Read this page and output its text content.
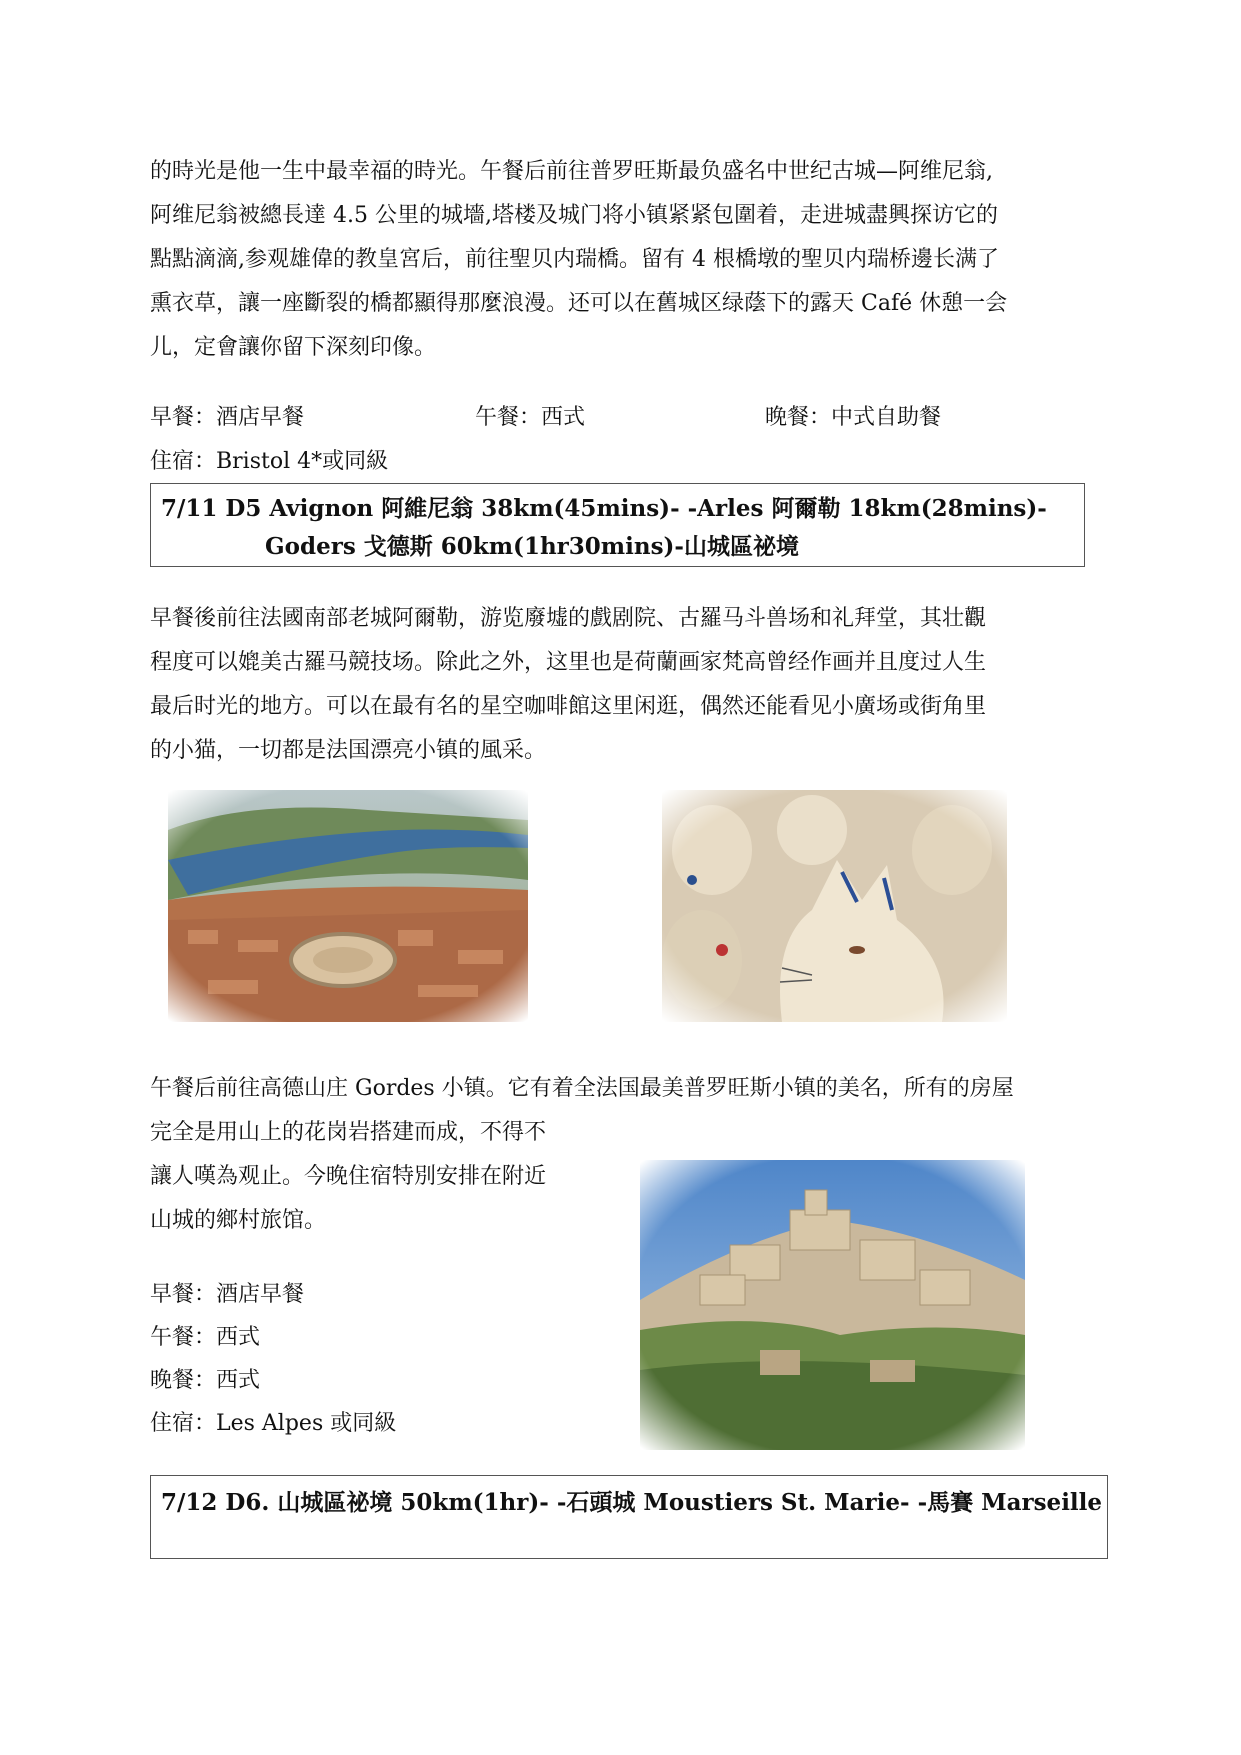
的時光是他一生中最幸福的時光。午餐后前往普罗旺斯最负盛名中世纪古城—阿维尼翁,
阿维尼翁被總長達 4.5 公里的城墻,塔楼及城门将小镇紧紧包圍着，走进城盡興探访它的
點點滴滴,参观雄偉的教皇宮后，前往聖贝内瑞橋。留有 4 根橋墩的聖贝内瑞桥邊长满了
熏衣草，讓一座斷裂的橋都顯得那麼浪漫。还可以在舊城区绿蔭下的露天 Café 休憩一会
儿，定會讓你留下深刻印像。
早餐：酒店早餐	午餐：西式	晚餐：中式自助餐
住宿：Bristol 4*或同級
7/11 D5 Avignon 阿維尼翁 38km(45mins)- -Arles 阿爾勒 18km(28mins)-
Goders 戈德斯 60km(1hr30mins)-山城區祕境
早餐後前往法國南部老城阿爾勒，游览廢墟的戲剧院、古羅马斗兽场和礼拜堂，其壮觀
程度可以媲美古羅马競技场。除此之外，这里也是荷蘭画家梵高曾经作画并且度过人生
最后时光的地方。可以在最有名的星空咖啡館这里闲逛，偶然还能看见小廣场或街角里
的小猫，一切都是法国漂亮小镇的風采。
午餐后前往高德山庄 Gordes 小镇。它有着全法国最美普罗旺斯小镇的美名，所有的房屋
完全是用山上的花岗岩搭建而成，不得不
讓人嘆為观止。今晚住宿特別安排在附近
山城的鄉村旅馆。
早餐：酒店早餐
午餐：西式
晚餐：西式
住宿：Les Alpes 或同級
7/12 D6. 山城區祕境 50km(1hr)- -石頭城 Moustiers St. Marie- -馬賽 Marseille
